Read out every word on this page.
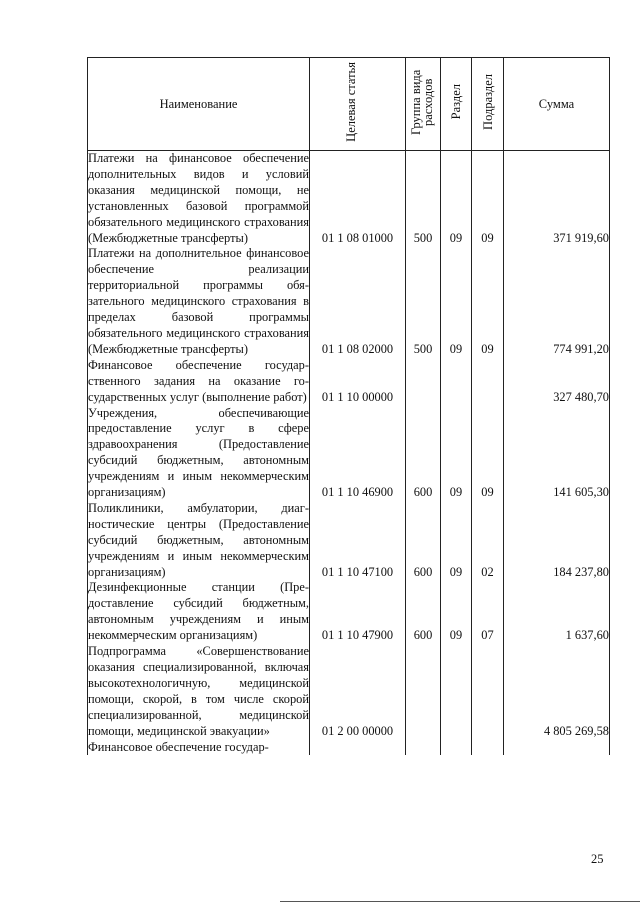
Наименование	Целевая статья	Группа вида расходов	Раздел	Подраздел	Сумма
Платежи на финансовое обеспечение дополнительных видов и условий оказания медицинской помощи, не установленных базовой программой обязательного медицинского страхования (Межбюджетные трансферты)	01 1 08 01000	500	09	09	371 919,60
Платежи на дополнительное финансовое обеспечение реализации территориальной программы обязательного медицинского страхования в пределах базовой программы обязательного медицинского страхования (Межбюджетные трансферты)	01 1 08 02000	500	09	09	774 991,20
Финансовое обеспечение государственного задания на оказание государственных услуг (выполнение работ)	01 1 10 00000				327 480,70
Учреждения, обеспечивающие предоставление услуг в сфере здравоохранения (Предоставление субсидий бюджетным, автономным учреждениям и иным некоммерческим организациям)	01 1 10 46900	600	09	09	141 605,30
Поликлиники, амбулатории, диагностические центры (Предоставление субсидий бюджетным, автономным учреждениям и иным некоммерческим организациям)	01 1 10 47100	600	09	02	184 237,80
Дезинфекционные станции (Предоставление субсидий бюджетным, автономным учреждениям и иным некоммерческим организациям)	01 1 10 47900	600	09	07	1 637,60
Подпрограмма «Совершенствование оказания специализированной, включая высокотехнологичную, медицинской помощи, скорой, в том числе скорой специализированной, медицинской помощи, медицинской эвакуации»	01 2 00 00000				4 805 269,58
Финансовое обеспечение государ-					
25
